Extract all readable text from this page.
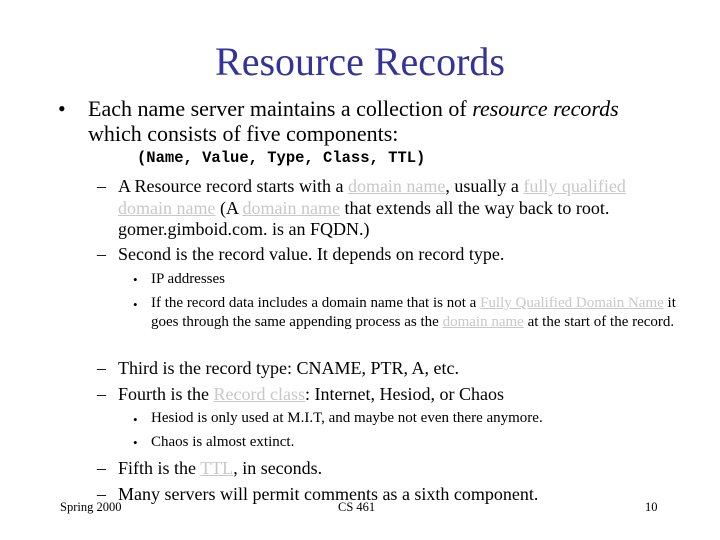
Resource Records
• Each name server maintains a collection of resource records
which consists of five components:
(Name, Value, Type, Class, TTL)
– A Resource record starts with a domain name, usually a fully qualified domain name (A domain name that extends all the way back to root. gomer.gimboid.com. is an FQDN.)
– Second is the record value. It depends on record type.
• IP addresses
• If the record data includes a domain name that is not a Fully Qualified Domain Name it goes through the same appending process as the domain name at the start of the record.
– Third is the record type: CNAME, PTR, A, etc.
– Fourth is the Record class: Internet, Hesiod, or Chaos
• Hesiod is only used at M.I.T, and maybe not even there anymore.
• Chaos is almost extinct.
– Fifth is the TTL, in seconds.
– Many servers will permit comments as a sixth component.
Spring 2000	CS 461	10
